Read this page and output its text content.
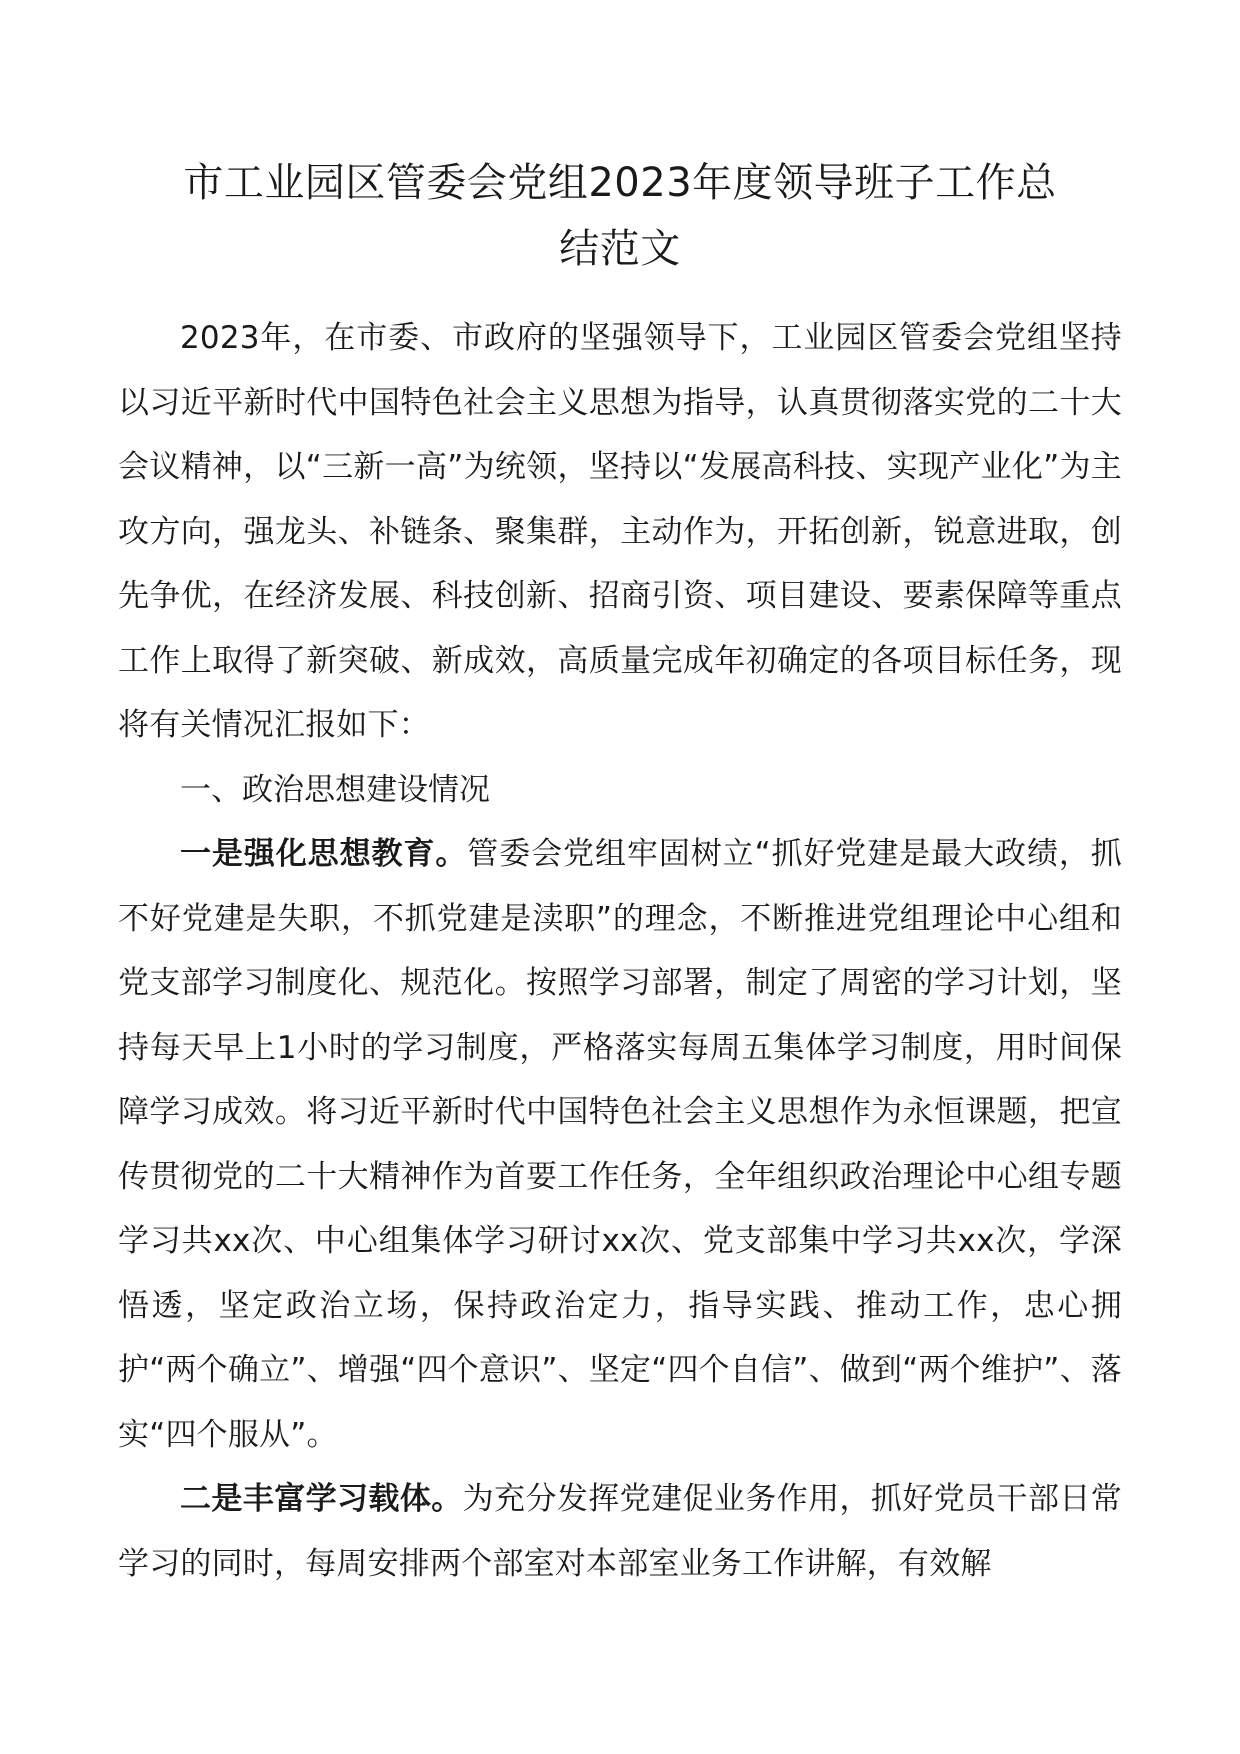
市工业园区管委会党组2023年度领导班子工作总
结范文

2023年，在市委、市政府的坚强领导下，工业园区管委会党组坚持以习近平新时代中国特色社会主义思想为指导，认真贯彻落实党的二十大会议精神，以“三新一高”为统领，坚持以“发展高科技、实现产业化”为主攻方向，强龙头、补链条、聚集群，主动作为，开拓创新，锐意进取，创先争优，在经济发展、科技创新、招商引资、项目建设、要素保障等重点工作上取得了新突破、新成效，高质量完成年初确定的各项目标任务，现将有关情况汇报如下：

一、政治思想建设情况

一是强化思想教育。管委会党组牢固树立“抓好党建是最大政绩，抓不好党建是失职，不抓党建是渎职”的理念，不断推进党组理论中心组和党支部学习制度化、规范化。按照学习部署，制定了周密的学习计划，坚持每天早上1小时的学习制度，严格落实每周五集体学习制度，用时间保障学习成效。将习近平新时代中国特色社会主义思想作为永恒课题，把宣传贯彻党的二十大精神作为首要工作任务，全年组织政治理论中心组专题学习共xx次、中心组集体学习研讨xx次、党支部集中学习共xx次，学深悟透，坚定政治立场，保持政治定力，指导实践、推动工作，忠心拥护“两个确立”、增强“四个意识”、坚定“四个自信”、做到“两个维护”、落实“四个服从”。

二是丰富学习载体。为充分发挥党建促业务作用，抓好党员干部日常学习的同时，每周安排两个部室对本部室业务工作讲解，有效解
